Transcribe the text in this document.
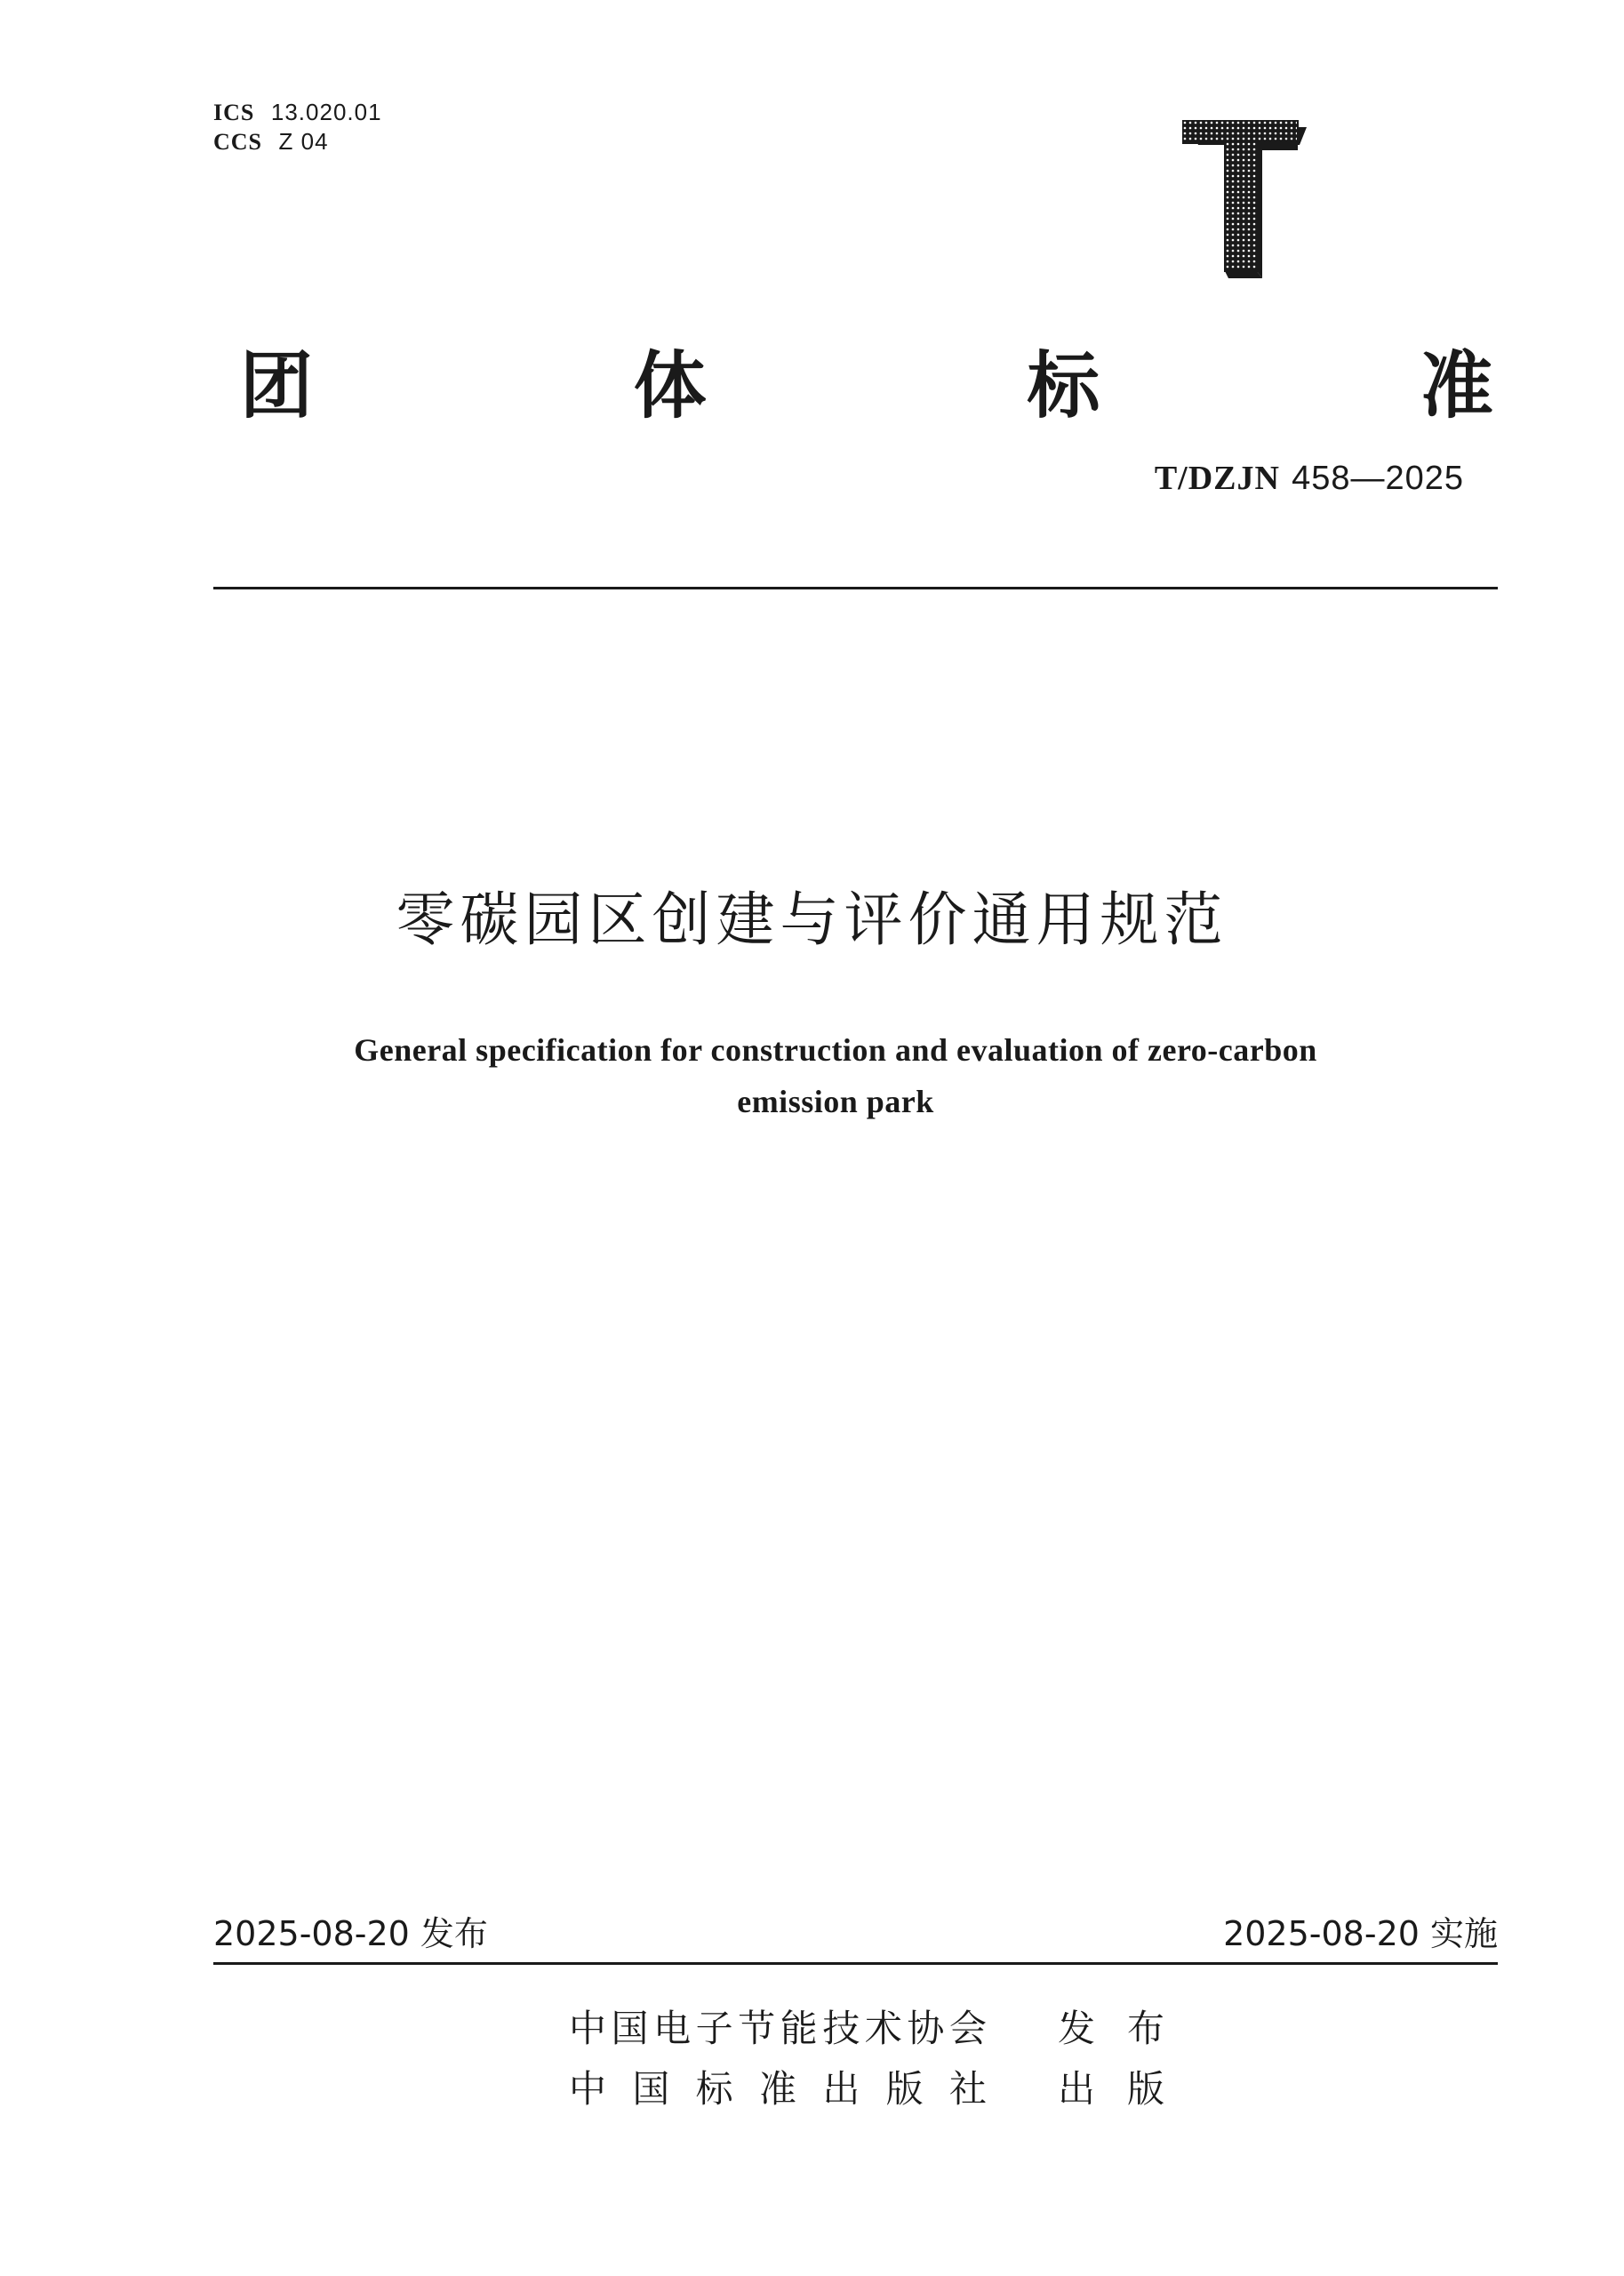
ICS 13.020.01
CCS Z 04
团	体	标	准
T/DZJN 458—2025
零碳园区创建与评价通用规范
General specification for construction and evaluation of zero-carbon
emission park
2025-08-20 发布	2025-08-20 实施
中国电子节能技术协会 发 布
中 国 标 准 出 版 社 出 版
